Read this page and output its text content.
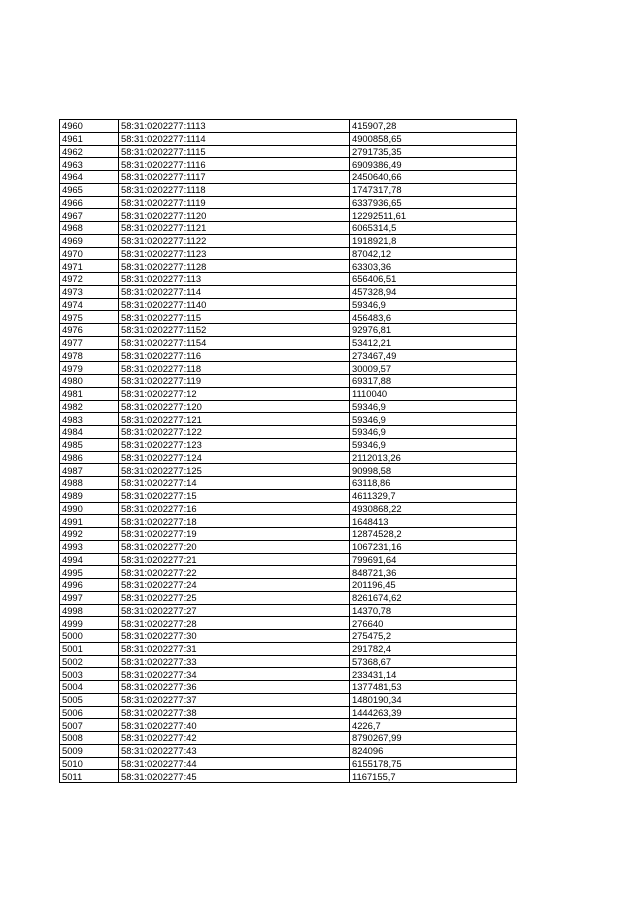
4960	58:31:0202277:1113	415907,28
4961	58:31:0202277:1114	4900858,65
4962	58:31:0202277:1115	2791735,35
4963	58:31:0202277:1116	6909386,49
4964	58:31:0202277:1117	2450640,66
4965	58:31:0202277:1118	1747317,78
4966	58:31:0202277:1119	6337936,65
4967	58:31:0202277:1120	12292511,61
4968	58:31:0202277:1121	6065314,5
4969	58:31:0202277:1122	1918921,8
4970	58:31:0202277:1123	87042,12
4971	58:31:0202277:1128	63303,36
4972	58:31:0202277:113	656406,51
4973	58:31:0202277:114	457328,94
4974	58:31:0202277:1140	59346,9
4975	58:31:0202277:115	456483,6
4976	58:31:0202277:1152	92976,81
4977	58:31:0202277:1154	53412,21
4978	58:31:0202277:116	273467,49
4979	58:31:0202277:118	30009,57
4980	58:31:0202277:119	69317,88
4981	58:31:0202277:12	1110040
4982	58:31:0202277:120	59346,9
4983	58:31:0202277:121	59346,9
4984	58:31:0202277:122	59346,9
4985	58:31:0202277:123	59346,9
4986	58:31:0202277:124	2112013,26
4987	58:31:0202277:125	90998,58
4988	58:31:0202277:14	63118,86
4989	58:31:0202277:15	4611329,7
4990	58:31:0202277:16	4930868,22
4991	58:31:0202277:18	1648413
4992	58:31:0202277:19	12874528,2
4993	58:31:0202277:20	1067231,16
4994	58:31:0202277:21	799691,64
4995	58:31:0202277:22	848721,36
4996	58:31:0202277:24	201196,45
4997	58:31:0202277:25	8261674,62
4998	58:31:0202277:27	14370,78
4999	58:31:0202277:28	276640
5000	58:31:0202277:30	275475,2
5001	58:31:0202277:31	291782,4
5002	58:31:0202277:33	57368,67
5003	58:31:0202277:34	233431,14
5004	58:31:0202277:36	1377481,53
5005	58:31:0202277:37	1480190,34
5006	58:31:0202277:38	1444263,39
5007	58:31:0202277:40	4226,7
5008	58:31:0202277:42	8790267,99
5009	58:31:0202277:43	824096
5010	58:31:0202277:44	6155178,75
5011	58:31:0202277:45	1167155,7
